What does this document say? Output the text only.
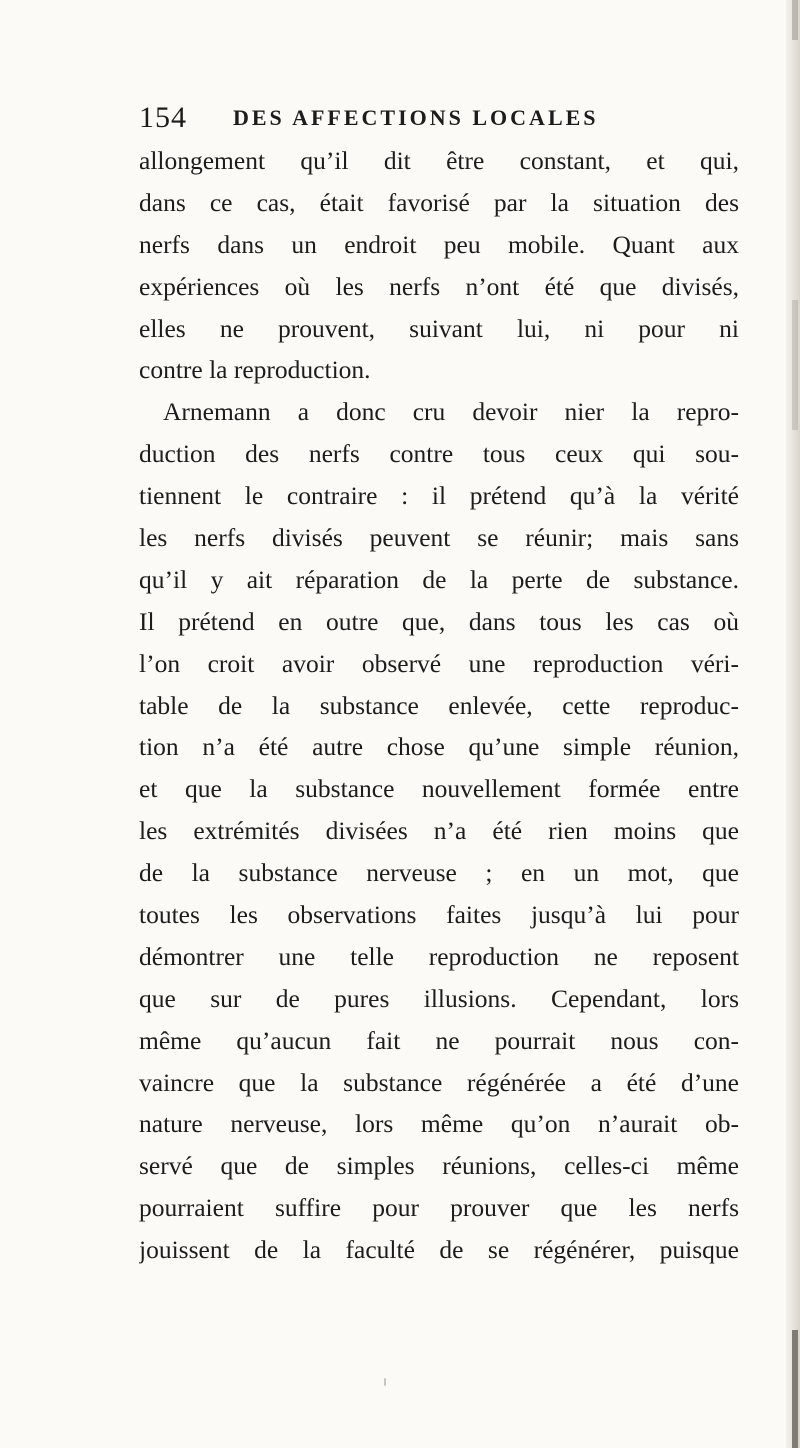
154 DES AFFECTIONS LOCALES
allongement qu’il dit être constant, et qui,
dans ce cas, était favorisé par la situation des
nerfs dans un endroit peu mobile. Quant aux
expériences où les nerfs n’ont été que divisés,
elles ne prouvent, suivant lui, ni pour ni
contre la reproduction.
Arnemann a donc cru devoir nier la repro-
duction des nerfs contre tous ceux qui sou-
tiennent le contraire : il prétend qu’à la vérité
les nerfs divisés peuvent se réunir; mais sans
qu’il y ait réparation de la perte de substance.
Il prétend en outre que, dans tous les cas où
l’on croit avoir observé une reproduction véri-
table de la substance enlevée, cette reproduc-
tion n’a été autre chose qu’une simple réunion,
et que la substance nouvellement formée entre
les extrémités divisées n’a été rien moins que
de la substance nerveuse ; en un mot, que
toutes les observations faites jusqu’à lui pour
démontrer une telle reproduction ne reposent
que sur de pures illusions. Cependant, lors
même qu’aucun fait ne pourrait nous con-
vaincre que la substance régénérée a été d’une
nature nerveuse, lors même qu’on n’aurait ob-
servé que de simples réunions, celles-ci même
pourraient suffire pour prouver que les nerfs
jouissent de la faculté de se régénérer, puisque
